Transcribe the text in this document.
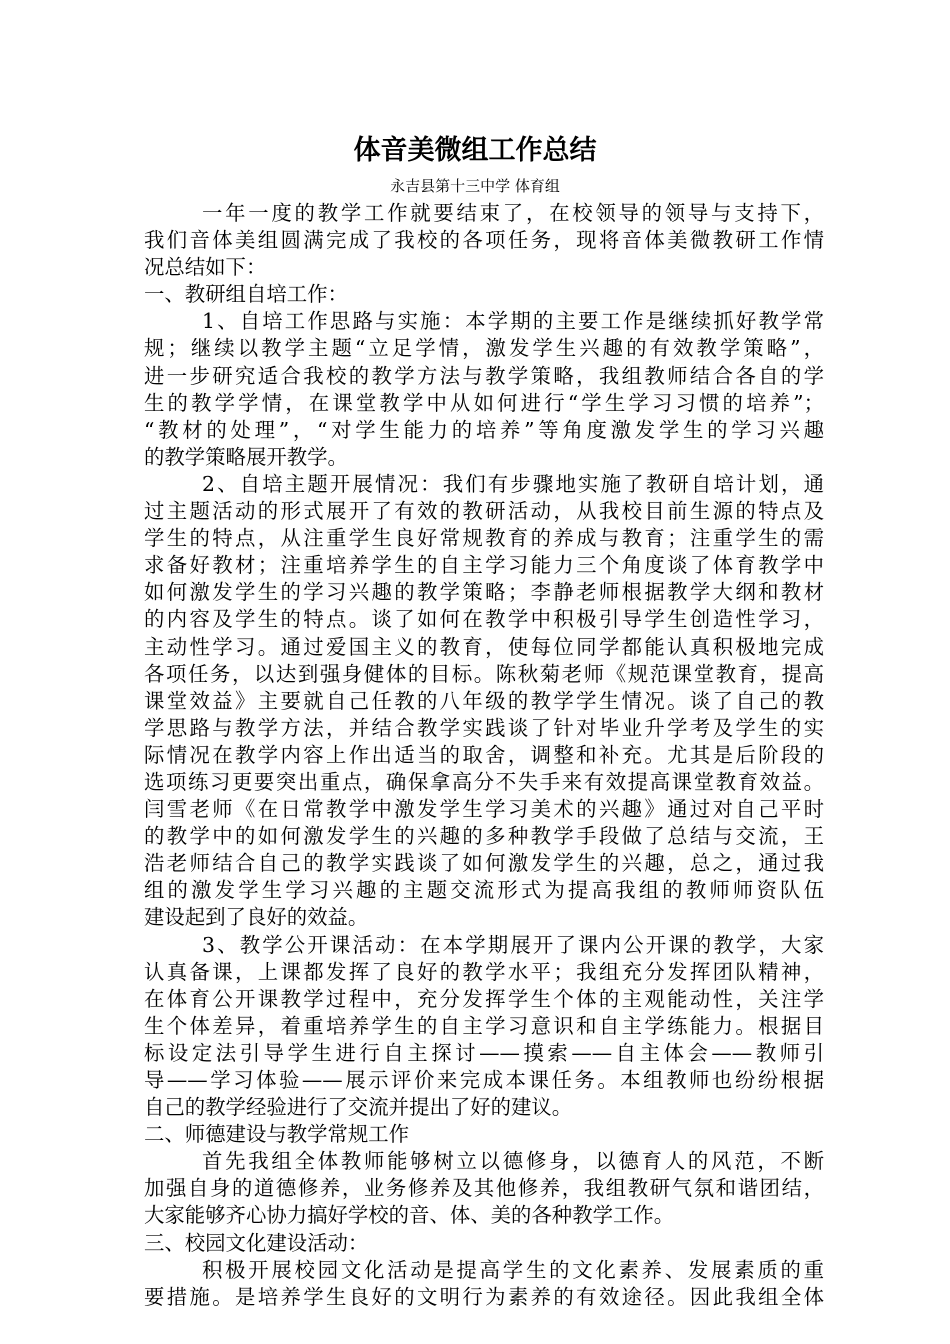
体音美微组工作总结
永吉县第十三中学 体育组
一年一度的教学工作就要结束了，在校领导的领导与支持下，
我们音体美组圆满完成了我校的各项任务，现将音体美微教研工作情
况总结如下：
一、教研组自培工作：
1、自培工作思路与实施：本学期的主要工作是继续抓好教学常
规；继续以教学主题“立足学情，激发学生兴趣的有效教学策略”，
进一步研究适合我校的教学方法与教学策略，我组教师结合各自的学
生的教学学情，在课堂教学中从如何进行“学生学习习惯的培养”；
“教材的处理”，“对学生能力的培养”等角度激发学生的学习兴趣
的教学策略展开教学。
2、自培主题开展情况：我们有步骤地实施了教研自培计划，通
过主题活动的形式展开了有效的教研活动，从我校目前生源的特点及
学生的特点，从注重学生良好常规教育的养成与教育；注重学生的需
求备好教材；注重培养学生的自主学习能力三个角度谈了体育教学中
如何激发学生的学习兴趣的教学策略；李静老师根据教学大纲和教材
的内容及学生的特点。谈了如何在教学中积极引导学生创造性学习，
主动性学习。通过爱国主义的教育，使每位同学都能认真积极地完成
各项任务，以达到强身健体的目标。陈秋菊老师《规范课堂教育，提高
课堂效益》主要就自己任教的八年级的教学学生情况。谈了自己的教
学思路与教学方法，并结合教学实践谈了针对毕业升学考及学生的实
际情况在教学内容上作出适当的取舍，调整和补充。尤其是后阶段的
选项练习更要突出重点，确保拿高分不失手来有效提高课堂教育效益。
闫雪老师《在日常教学中激发学生学习美术的兴趣》通过对自己平时
的教学中的如何激发学生的兴趣的多种教学手段做了总结与交流，王
浩老师结合自己的教学实践谈了如何激发学生的兴趣，总之，通过我
组的激发学生学习兴趣的主题交流形式为提高我组的教师师资队伍
建设起到了良好的效益。
3、教学公开课活动：在本学期展开了课内公开课的教学，大家
认真备课，上课都发挥了良好的教学水平；我组充分发挥团队精神，
在体育公开课教学过程中，充分发挥学生个体的主观能动性，关注学
生个体差异，着重培养学生的自主学习意识和自主学练能力。根据目
标设定法引导学生进行自主探讨——摸索——自主体会——教师引
导——学习体验——展示评价来完成本课任务。本组教师也纷纷根据
自己的教学经验进行了交流并提出了好的建议。
二、师德建设与教学常规工作
首先我组全体教师能够树立以德修身，以德育人的风范，不断
加强自身的道德修养，业务修养及其他修养，我组教研气氛和谐团结，
大家能够齐心协力搞好学校的音、体、美的各种教学工作。
三、校园文化建设活动：
积极开展校园文化活动是提高学生的文化素养、发展素质的重
要措施。是培养学生良好的文明行为素养的有效途径。因此我组全体
